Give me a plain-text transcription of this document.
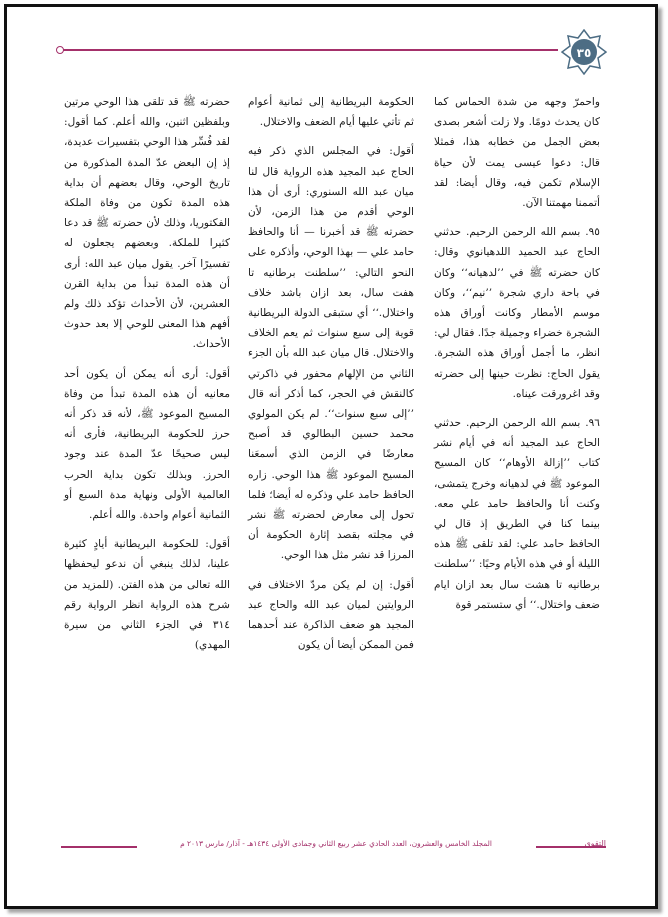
٣٥

واحمرّ وجهه من شدة الحماس كما كان يحدث دومًا. ولا زلت أشعر بصدى بعض الجمل من خطابه هذا، فمثلا قال: دعوا عيسى يمت لأن حياة الإسلام تكمن فيه، وقال أيضا: لقد أتممنا مهمتنا الآن.

٩٥. بسم الله الرحمن الرحيم. حدثني الحاج عبد الحميد اللدهيانوي وقال: كان حضرته ﷺ في ’’لدهيانه‘‘ وكان في باحة داري شجرة ’’نيم‘‘، وكان موسم الأمطار وكانت أوراق هذه الشجرة خضراء وجميلة جدًا. فقال لي: انظر، ما أجمل أوراق هذه الشجرة. يقول الحاج: نظرت حينها إلى حضرته وقد اغرورقت عيناه.

٩٦. بسم الله الرحمن الرحيم. حدثني الحاج عبد المجيد أنه في أيام نشر كتاب ’’إزالة الأوهام‘‘ كان المسيح الموعود ﷺ في لدهيانه وخرج يتمشى، وكنت أنا والحافظ حامد علي معه. بينما كنا في الطريق إذ قال لي الحافظ حامد علي: لقد تلقى ﷺ هذه الليلة أو في هذه الأيام وحيًا: ’’سلطنت برطانيه تا هشت سال بعد ازان ايام ضعف واختلال.‘‘ أي ستستمر قوة

الحكومة البريطانية إلى ثمانية أعوام ثم تأتي عليها أيام الضعف والاختلال.

أقول: في المجلس الذي ذكر فيه الحاج عبد المجيد هذه الرواية قال لنا ميان عبد الله السنوري: أرى أن هذا الوحي أقدم من هذا الزمن، لأن حضرته ﷺ قد أخبرنا — أنا والحافظ حامد علي — بهذا الوحي، وأذكره على النحو التالي: ’’سلطنت برطانيه تا هفت سال، بعد ازان باشد خلاف واختلال.‘‘ أي ستبقى الدولة البريطانية قوية إلى سبع سنوات ثم يعم الخلاف والاختلال. قال ميان عبد الله بأن الجزء الثاني من الإلهام محفور في ذاكرتي كالنقش في الحجر، كما أذكر أنه قال ’’إلى سبع سنوات‘‘. لم يكن المولوي محمد حسين البطالوي قد أصبح معارضًا في الزمن الذي أسمعَنا المسيح الموعود ﷺ هذا الوحي. زاره الحافظ حامد علي وذكره له أيضا؛ فلما تحول إلى معارض لحضرته ﷺ نشر في مجلته بقصد إثارة الحكومة أن المرزا قد نشر مثل هذا الوحي.

أقول: إن لم يكن مردّ الاختلاف في الروايتين لميان عبد الله والحاج عبد المجيد هو ضعف الذاكرة عند أحدهما فمن الممكن أيضا أن يكون

حضرته ﷺ قد تلقى هذا الوحي مرتين وبلفظين اثنين، والله أعلم. كما أقول: لقد فُسِّر هذا الوحي بتفسيرات عديدة، إذ إن البعض عدّ المدة المذكورة من تاريخ الوحي، وقال بعضهم أن بداية هذه المدة تكون من وفاة الملكة الفكتوريا، وذلك لأن حضرته ﷺ قد دعا كثيرا للملكة. وبعضهم يجعلون له تفسيرًا آخر. يقول ميان عبد الله: أرى أن هذه المدة تبدأ من بداية القرن العشرين، لأن الأحداث تؤكد ذلك ولم أفهم هذا المعنى للوحي إلا بعد حدوث الأحداث.

أقول: أرى أنه يمكن أن يكون أحد معانيه أن هذه المدة تبدأ من وفاة المسيح الموعود ﷺ، لأنه قد ذكر أنه حرز للحكومة البريطانية، فأرى أنه ليس صحيحًا عدّ المدة عند وجود الحرز. وبذلك تكون بداية الحرب العالمية الأولى ونهاية مدة السبع أو الثمانية أعوام واحدة. والله أعلم.

أقول: للحكومة البريطانية أيادٍ كثيرة علينا، لذلك ينبغي أن ندعو ليحفظها الله تعالى من هذه الفتن. (للمزيد من شرح هذه الرواية انظر الرواية رقم ٣١٤ في الجزء الثاني من سيرة المهدي)

المجلد الخامس والعشرون، العدد الحادي عشر ربيع الثاني وجمادى الأولى ١٤٣٤هـ - آذار/ مارس ٢٠١٣ م	التقوى
